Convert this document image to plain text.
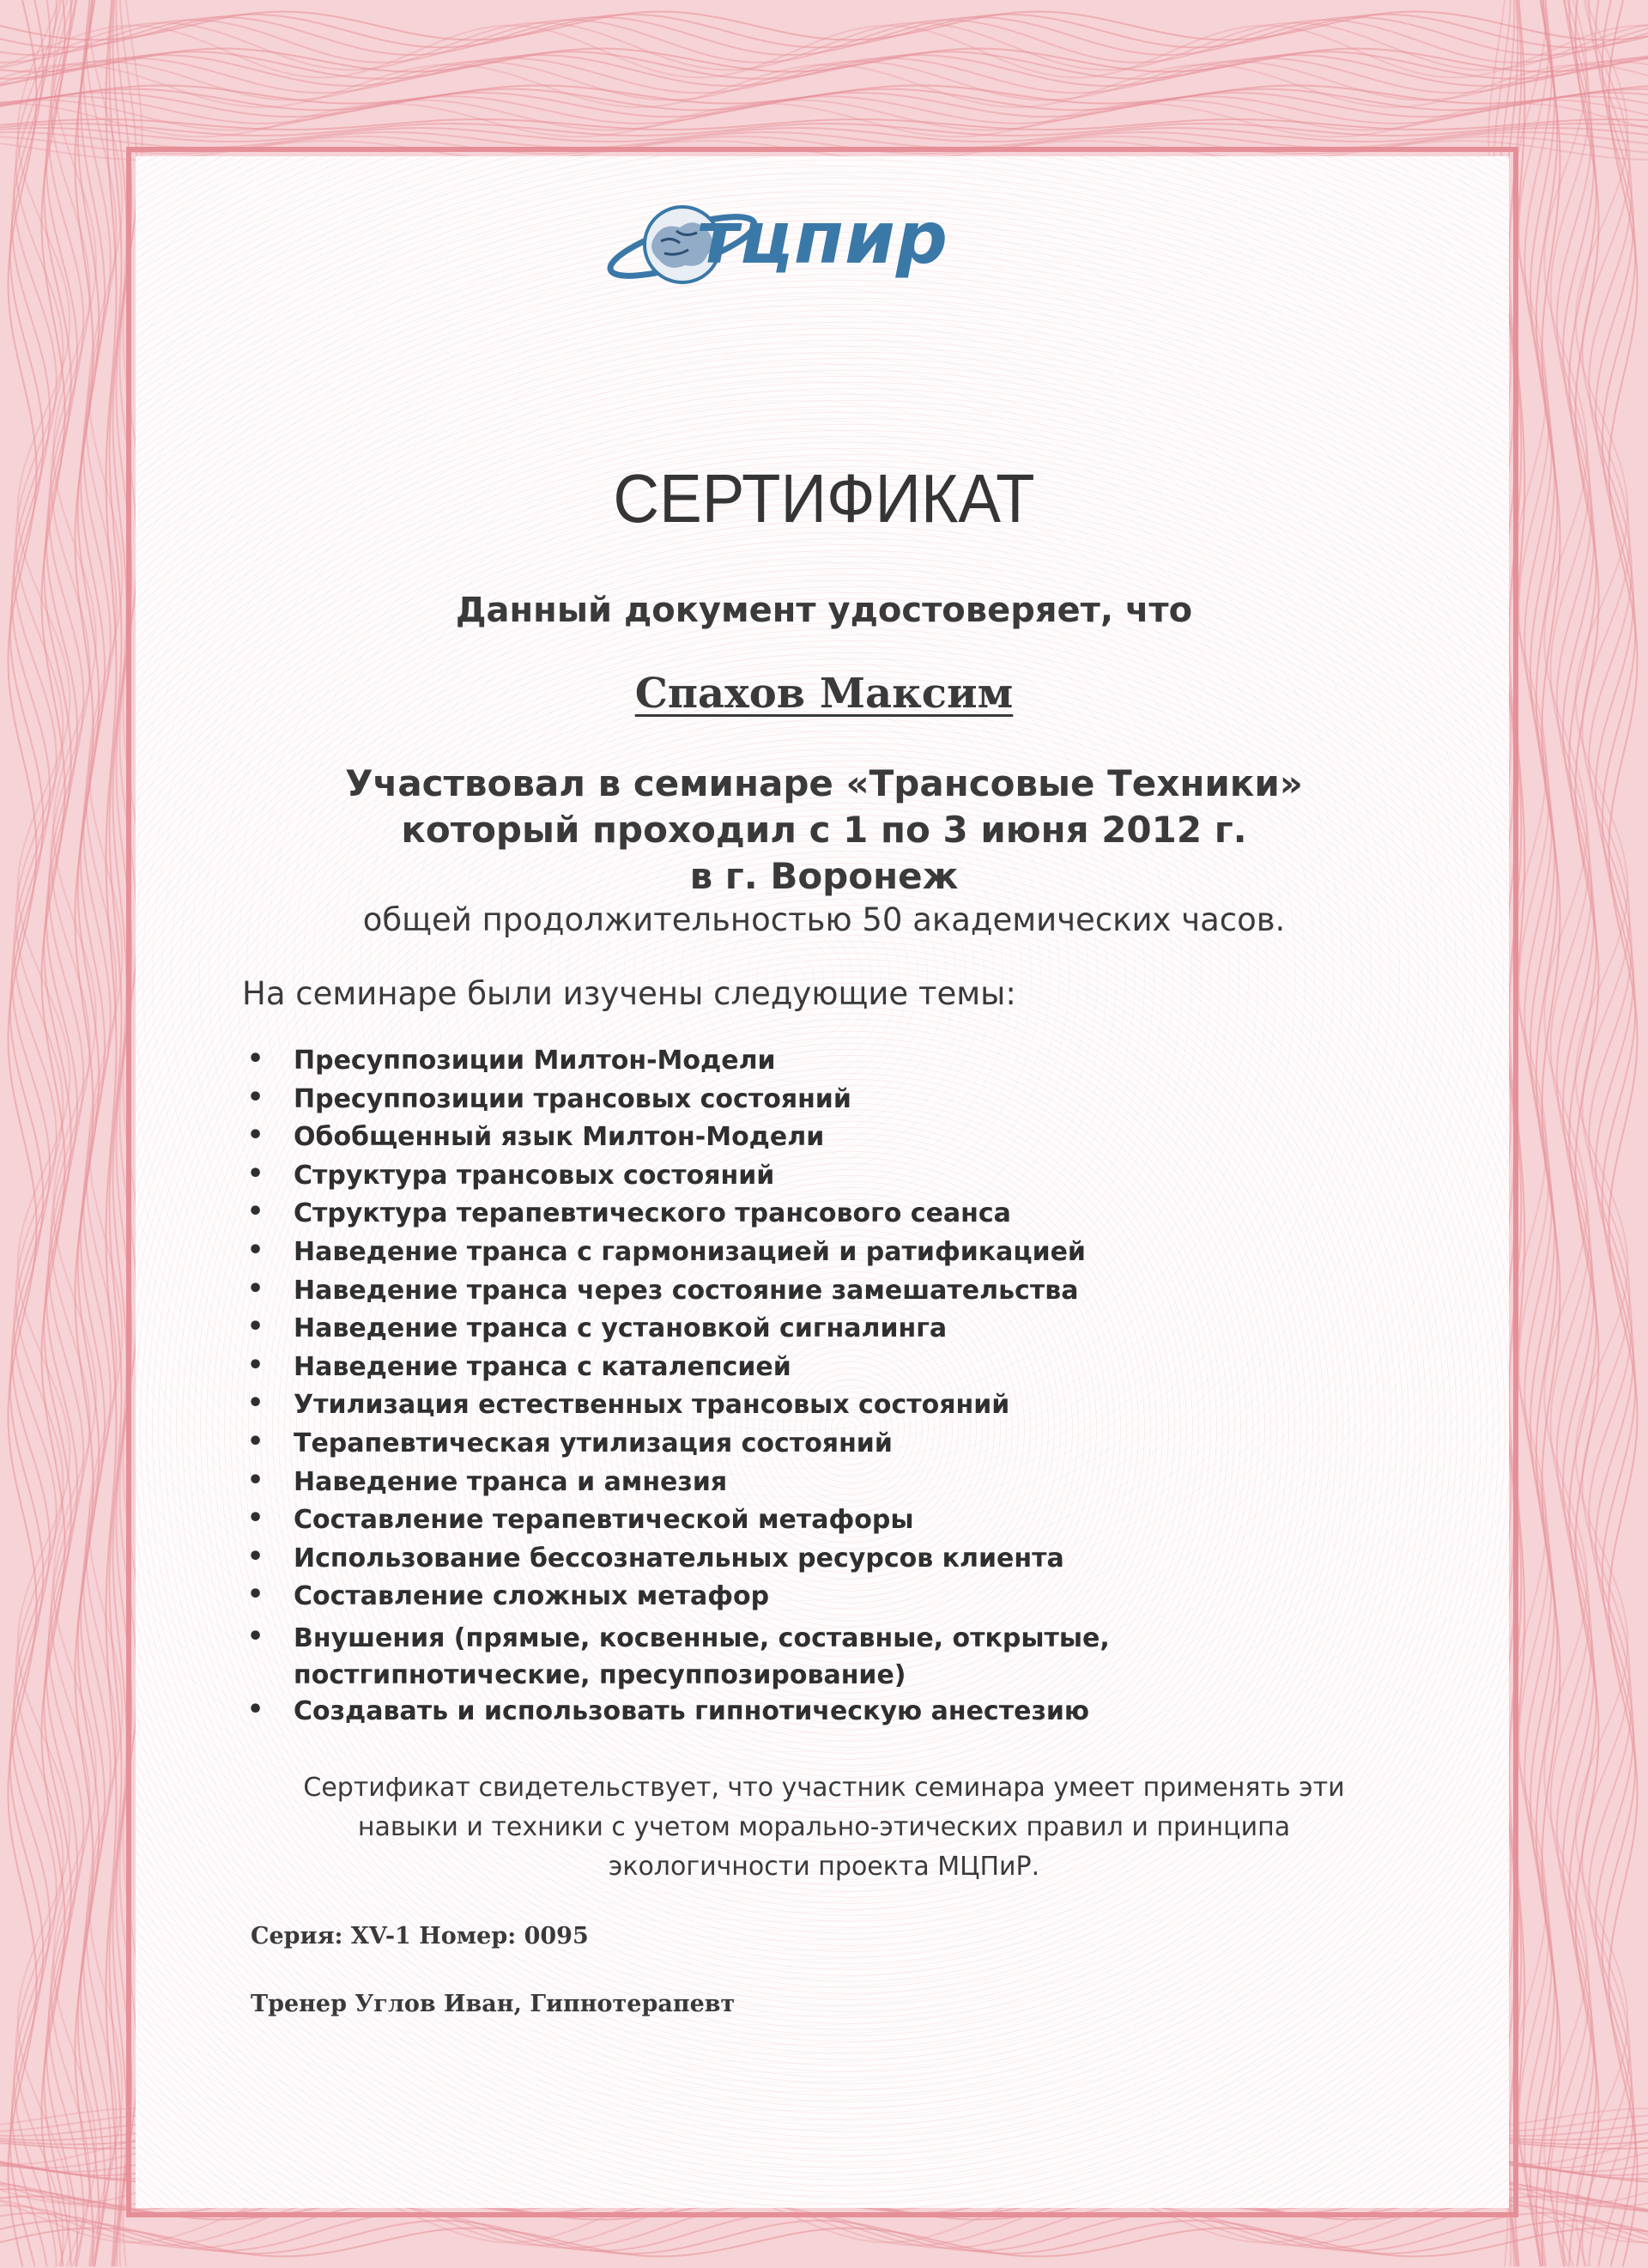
тцпир
СЕРТИФИКАТ
Данный документ удостоверяет, что
Спахов Максим
Участвовал в семинаре «Трансовые Техники»
который проходил с 1 по 3 июня 2012 г.
в г. Воронеж
общей продолжительностью 50 академических часов.
На семинаре были изучены следующие темы:
• Пресуппозиции Милтон-Модели
• Пресуппозиции трансовых состояний
• Обобщенный язык Милтон-Модели
• Структура трансовых состояний
• Структура терапевтического трансового сеанса
• Наведение транса с гармонизацией и ратификацией
• Наведение транса через состояние замешательства
• Наведение транса с установкой сигналинга
• Наведение транса с каталепсией
• Утилизация естественных трансовых состояний
• Терапевтическая утилизация состояний
• Наведение транса и амнезия
• Составление терапевтической метафоры
• Использование бессознательных ресурсов клиента
• Составление сложных метафор
• Внушения (прямые, косвенные, составные, открытые, постгипнотические, пресуппозирование)
• Создавать и использовать гипнотическую анестезию
Сертификат свидетельствует, что участник семинара умеет применять эти
навыки и техники с учетом морально-этических правил и принципа
экологичности проекта МЦПиР.
Серия: XV-1 Номер: 0095
Тренер Углов Иван, Гипнотерапевт
